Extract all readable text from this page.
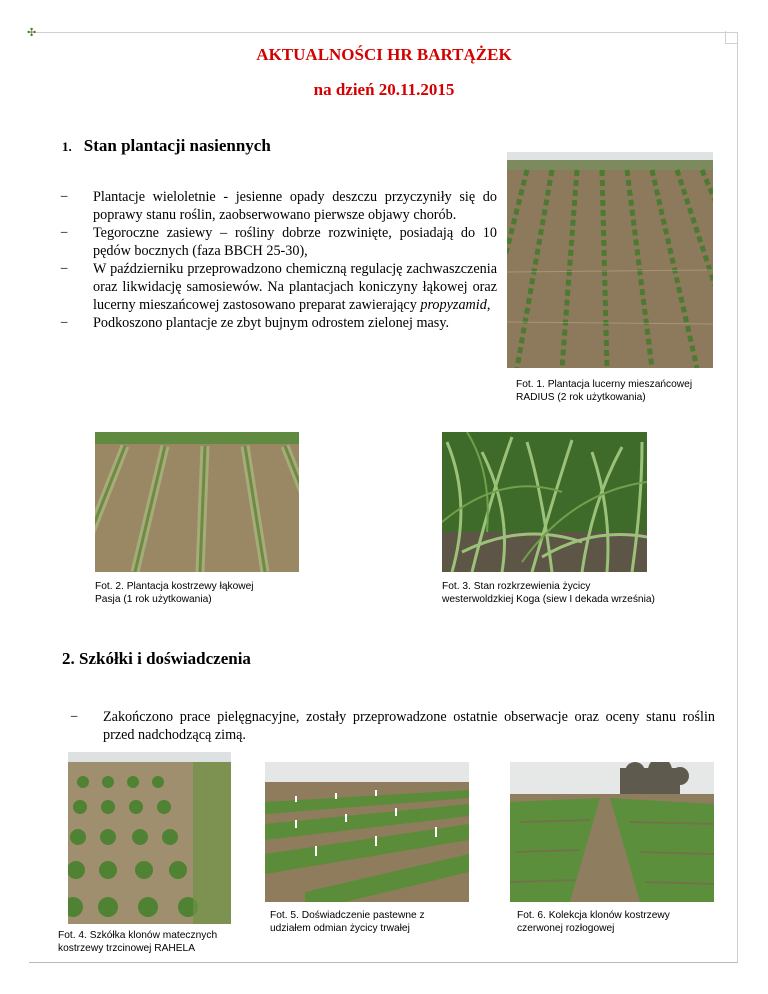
✣
AKTUALNOŚCI HR BARTĄŻEK
na dzień 20.11.2015
1. Stan plantacji nasiennych
− Plantacje wieloletnie - jesienne opady deszczu przyczyniły się do poprawy stanu roślin, zaobserwowano pierwsze objawy chorób.
− Tegoroczne zasiewy – rośliny dobrze rozwinięte, posiadają do 10 pędów bocznych (faza BBCH 25-30),
− W październiku przeprowadzono chemiczną regulację zachwaszczenia oraz likwidację samosiewów. Na plantacjach koniczyny łąkowej oraz lucerny mieszańcowej zastosowano preparat zawierający propyzamid,
− Podkoszono plantacje ze zbyt bujnym odrostem zielonej masy.
Fot. 1. Plantacja lucerny mieszańcowej
RADIUS (2 rok użytkowania)
Fot. 2. Plantacja kostrzewy łąkowej
Pasja (1 rok użytkowania)
Fot. 3. Stan rozkrzewienia życicy
westerwoldzkiej Koga (siew I dekada września)
2. Szkółki i doświadczenia
− Zakończono prace pielęgnacyjne, zostały przeprowadzone ostatnie obserwacje oraz oceny stanu roślin przed nadchodzącą zimą.
Fot. 4. Szkółka klonów matecznych
kostrzewy trzcinowej RAHELA
Fot. 5. Doświadczenie pastewne z
udziałem odmian życicy trwałej
Fot. 6. Kolekcja klonów kostrzewy
czerwonej rozłogowej
